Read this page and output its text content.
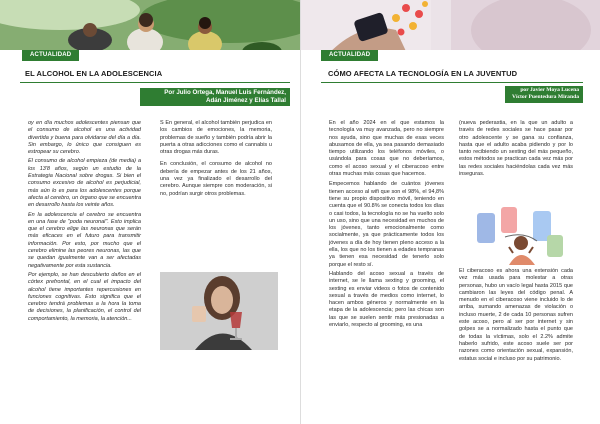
ACTUALIDAD
EL ALCOHOL EN LA ADOLESCENCIA
Por Julio Ortega, Manuel Luis Fernández,
Adán Jiménez y Elías Tallal

oy en día muchos adolescentes piensan que el consumo de alcohol es una actividad divertida y buena para olvidarse del día a día. Sin embargo, lo único que consiguen es estropear su cerebro.

El consumo de alcohol empieza (de media) a los 13'8 años, según un estudio de la Estrategia Nacional sobre drogas. Si bien el consumo excesivo de alcohol es perjudicial, más aún lo es para los adolescentes porque afecta al cerebro, un órgano que se encuentra en desarrollo hasta los veinte años.

En la adolescencia el cerebro se encuentra en una fase de "poda neuronal". Esto implica que el cerebro elige las neuronas que serán más eficaces en el futuro para transmitir información. Por esto, por mucho que el cerebro elimine las peores neuronas, las que se quedan igualmente van a ser afectadas negativamente por esta sustancia.

Por ejemplo, se han descubierto daños en el córtex prefrontal, en el cual el impacto del alcohol tiene importantes repercusiones en funciones cognitivas. Esto significa que el cerebro tendrá problemas a la hora la toma de decisiones, la planificación, el control del comportamiento, la memoria, la atención...

S En general, el alcohol también perjudica en los cambios de emociones, la memoria, problemas de sueño y también podría abrir la puerta a otras adicciones como el cannabis u otras drogas más duras.

En conclusión, el consumo de alcohol no debería de empezar antes de los 21 años, una vez ya finalizado el desarrollo del cerebro. Aunque siempre con moderación, si no, podrían surgir otros problemas.

ACTUALIDAD
CÓMO AFECTA LA TECNOLOGÍA EN LA JUVENTUD
por Javier Moya Lucena
Víctor Puentedura Miranda

En el año 2024 en el que estamos la tecnología va muy avanzada, pero no siempre nos ayuda, sino que muchas de esas veces abusamos de ella, ya sea pasando demasiado tiempo utilizando los teléfonos móviles, o usándola para cosas que no deberíamos, como el acoso sexual y el ciberacoso entre otras muchas más cosas que hacemos.

Empecemos hablando de cuántos jóvenes tienen acceso al wifi que son el 98%, el 94,8% tiene su propio dispositivo móvil, teniendo en cuenta que el 90.8% se conecta todos los días o casi todos, la tecnología no se ha vuelto solo un uso, sino que una necesidad en muchos de los jóvenes, tanto emocionalmente como socialmente, ya que prácticamente todos los jóvenes a día de hoy tienen pleno acceso a la ella, los que no los tienen a edades tempranas ya tienen esa necesidad de tenerlo solo porque el resto sí.

Hablando del acoso sexual a través de internet, se le llama sexting y grooming, el sexting es enviar videos o fotos de contenido sexual a través de medios como internet, lo hacen ambos géneros y normalmente en la etapa de la adolescencia; pero las chicas son las que se suelen sentir más presionadas a enviarlo, respecto al grooming, es una

(nueva pederastia, en la que un adulto a través de redes sociales se hace pasar por otro adolescente y se gana su confianza, hasta que el adulto acaba pidiendo y por lo tanto recibiendo un sexting del más pequeño, estos métodos se practican cada vez más por las redes sociales haciéndolas cada vez más inseguras.

El ciberacoso es ahora una extensión cada vez más usada para molestar a otras personas, hubo un vacío legal hasta 2015 que cambiaron las leyes del código penal. A menudo en el ciberacoso viene incluido lo de arriba, sumando amenazas de violación o incluso muerte, 2 de cada 10 personas sufren este acoso, pero al ser por internet y sin golpes se a normalizado hasta el punto que de todas la víctimas, solo el 2.2% admite haberlo sufrido, este acoso suele ser por razones como orientación sexual, expansión, estatus social e incluso por su patrimonio.
